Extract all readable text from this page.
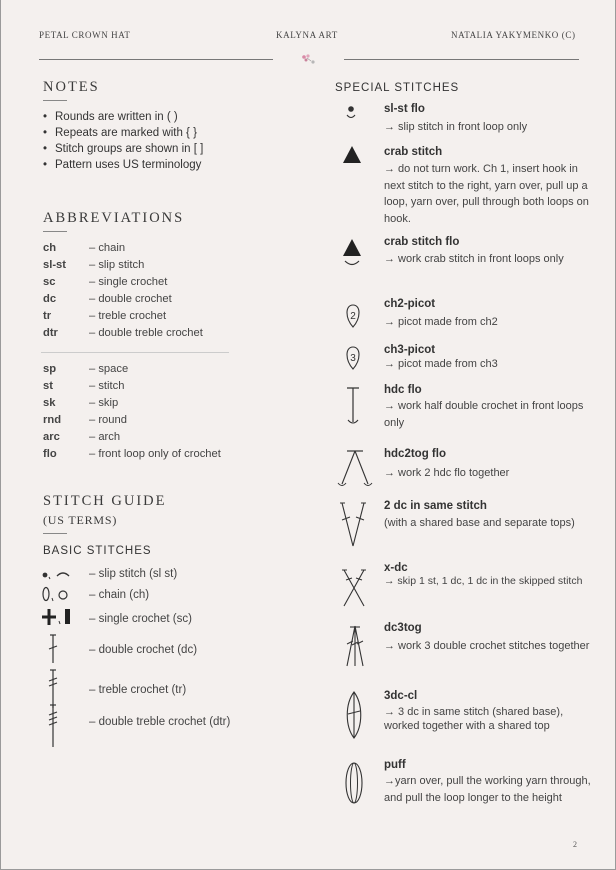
PETAL CROWN HAT	KALYNA ART	NATALIA YAKYMENKO (C)
NOTES
• Rounds are written in ( )
• Repeats are marked with { }
• Stitch groups are shown in [ ]
• Pattern uses US terminology
ABBREVIATIONS
ch	– chain
sl-st – slip stitch
sc	– single crochet
dc	– double crochet
tr	– treble crochet
dtr	– double treble crochet
sp	– space
st	– stitch
sk	– skip
rnd – round
arc	– arch
flo	– front loop only of crochet
STITCH GUIDE
(US TERMS)
BASIC STITCHES
– slip stitch (sl st)
– chain (ch)
– single crochet (sc)
– double crochet (dc)
– treble crochet (tr)
– double treble crochet (dtr)
SPECIAL STITCHES
sl-st flo
→ slip stitch in front loop only
crab stitch
→ do not turn work. Ch 1, insert hook in next stitch to the right, yarn over, pull up a loop, yarn over, pull through both loops on hook.
crab stitch flo
→ work crab stitch in front loops only
2
ch2-picot
→ picot made from ch2
3
ch3-picot
→ picot made from ch3
hdc flo
→ work half double crochet in front loops only
hdc2tog flo
→ work 2 hdc flo together
2 dc in same stitch
(with a shared base and separate tops)
x-dc
→ skip 1 st, 1 dc, 1 dc in the skipped stitch
dc3tog
→ work 3 double crochet stitches together
3dc-cl
→ 3 dc in same stitch (shared base), worked together with a shared top
puff
→yarn over, pull the working yarn through, and pull the loop longer to the height
2
